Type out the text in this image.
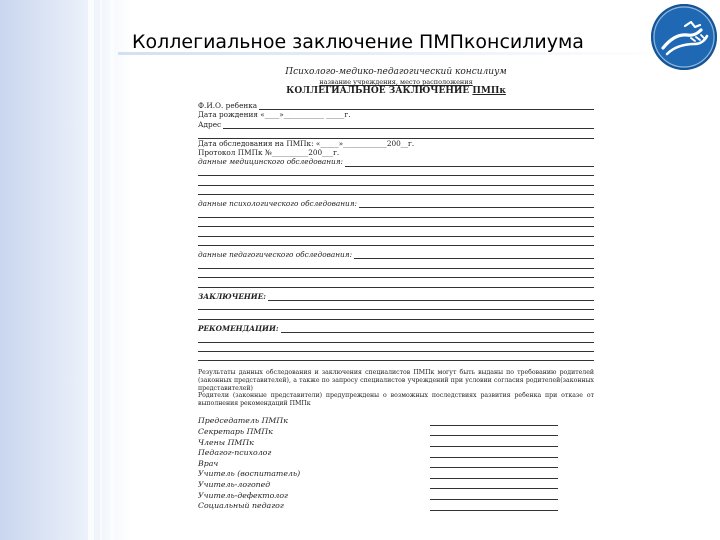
Коллегиальное заключение ПМПконсилиума
Психолого-медико-педагогический консилиум
название учреждения, место расположения
КОЛЛЕГИАЛЬНОЕ ЗАКЛЮЧЕНИЕ ПМПк
Ф.И.О. ребенка
Дата рождения «____»___________ _____г.
Адрес
Дата обследования на ПМПк: «_____»____________200__г.
Протокол ПМПк №__________200___г.
данные медицинского обследования:
данные психологического обследования:
данные педагогического обследования:
ЗАКЛЮЧЕНИЕ:
РЕКОМЕНДАЦИИ:
Результаты данных обследования и заключения специалистов ПМПк могут быть выданы по требованию родителей (законных представителей), а также по запросу специалистов учреждений при условии согласия родителей(законных представителей)
Родители (законные представители) предупреждены о возможных последствиях развития ребенка при отказе от выполнения рекомендаций ПМПк
Председатель ПМПк
Секретарь ПМПк
Члены ПМПк
Педагог-психолог
Врач
Учитель (воспитатель)
Учитель-логопед
Учитель-дефектолог
Социальный педагог
